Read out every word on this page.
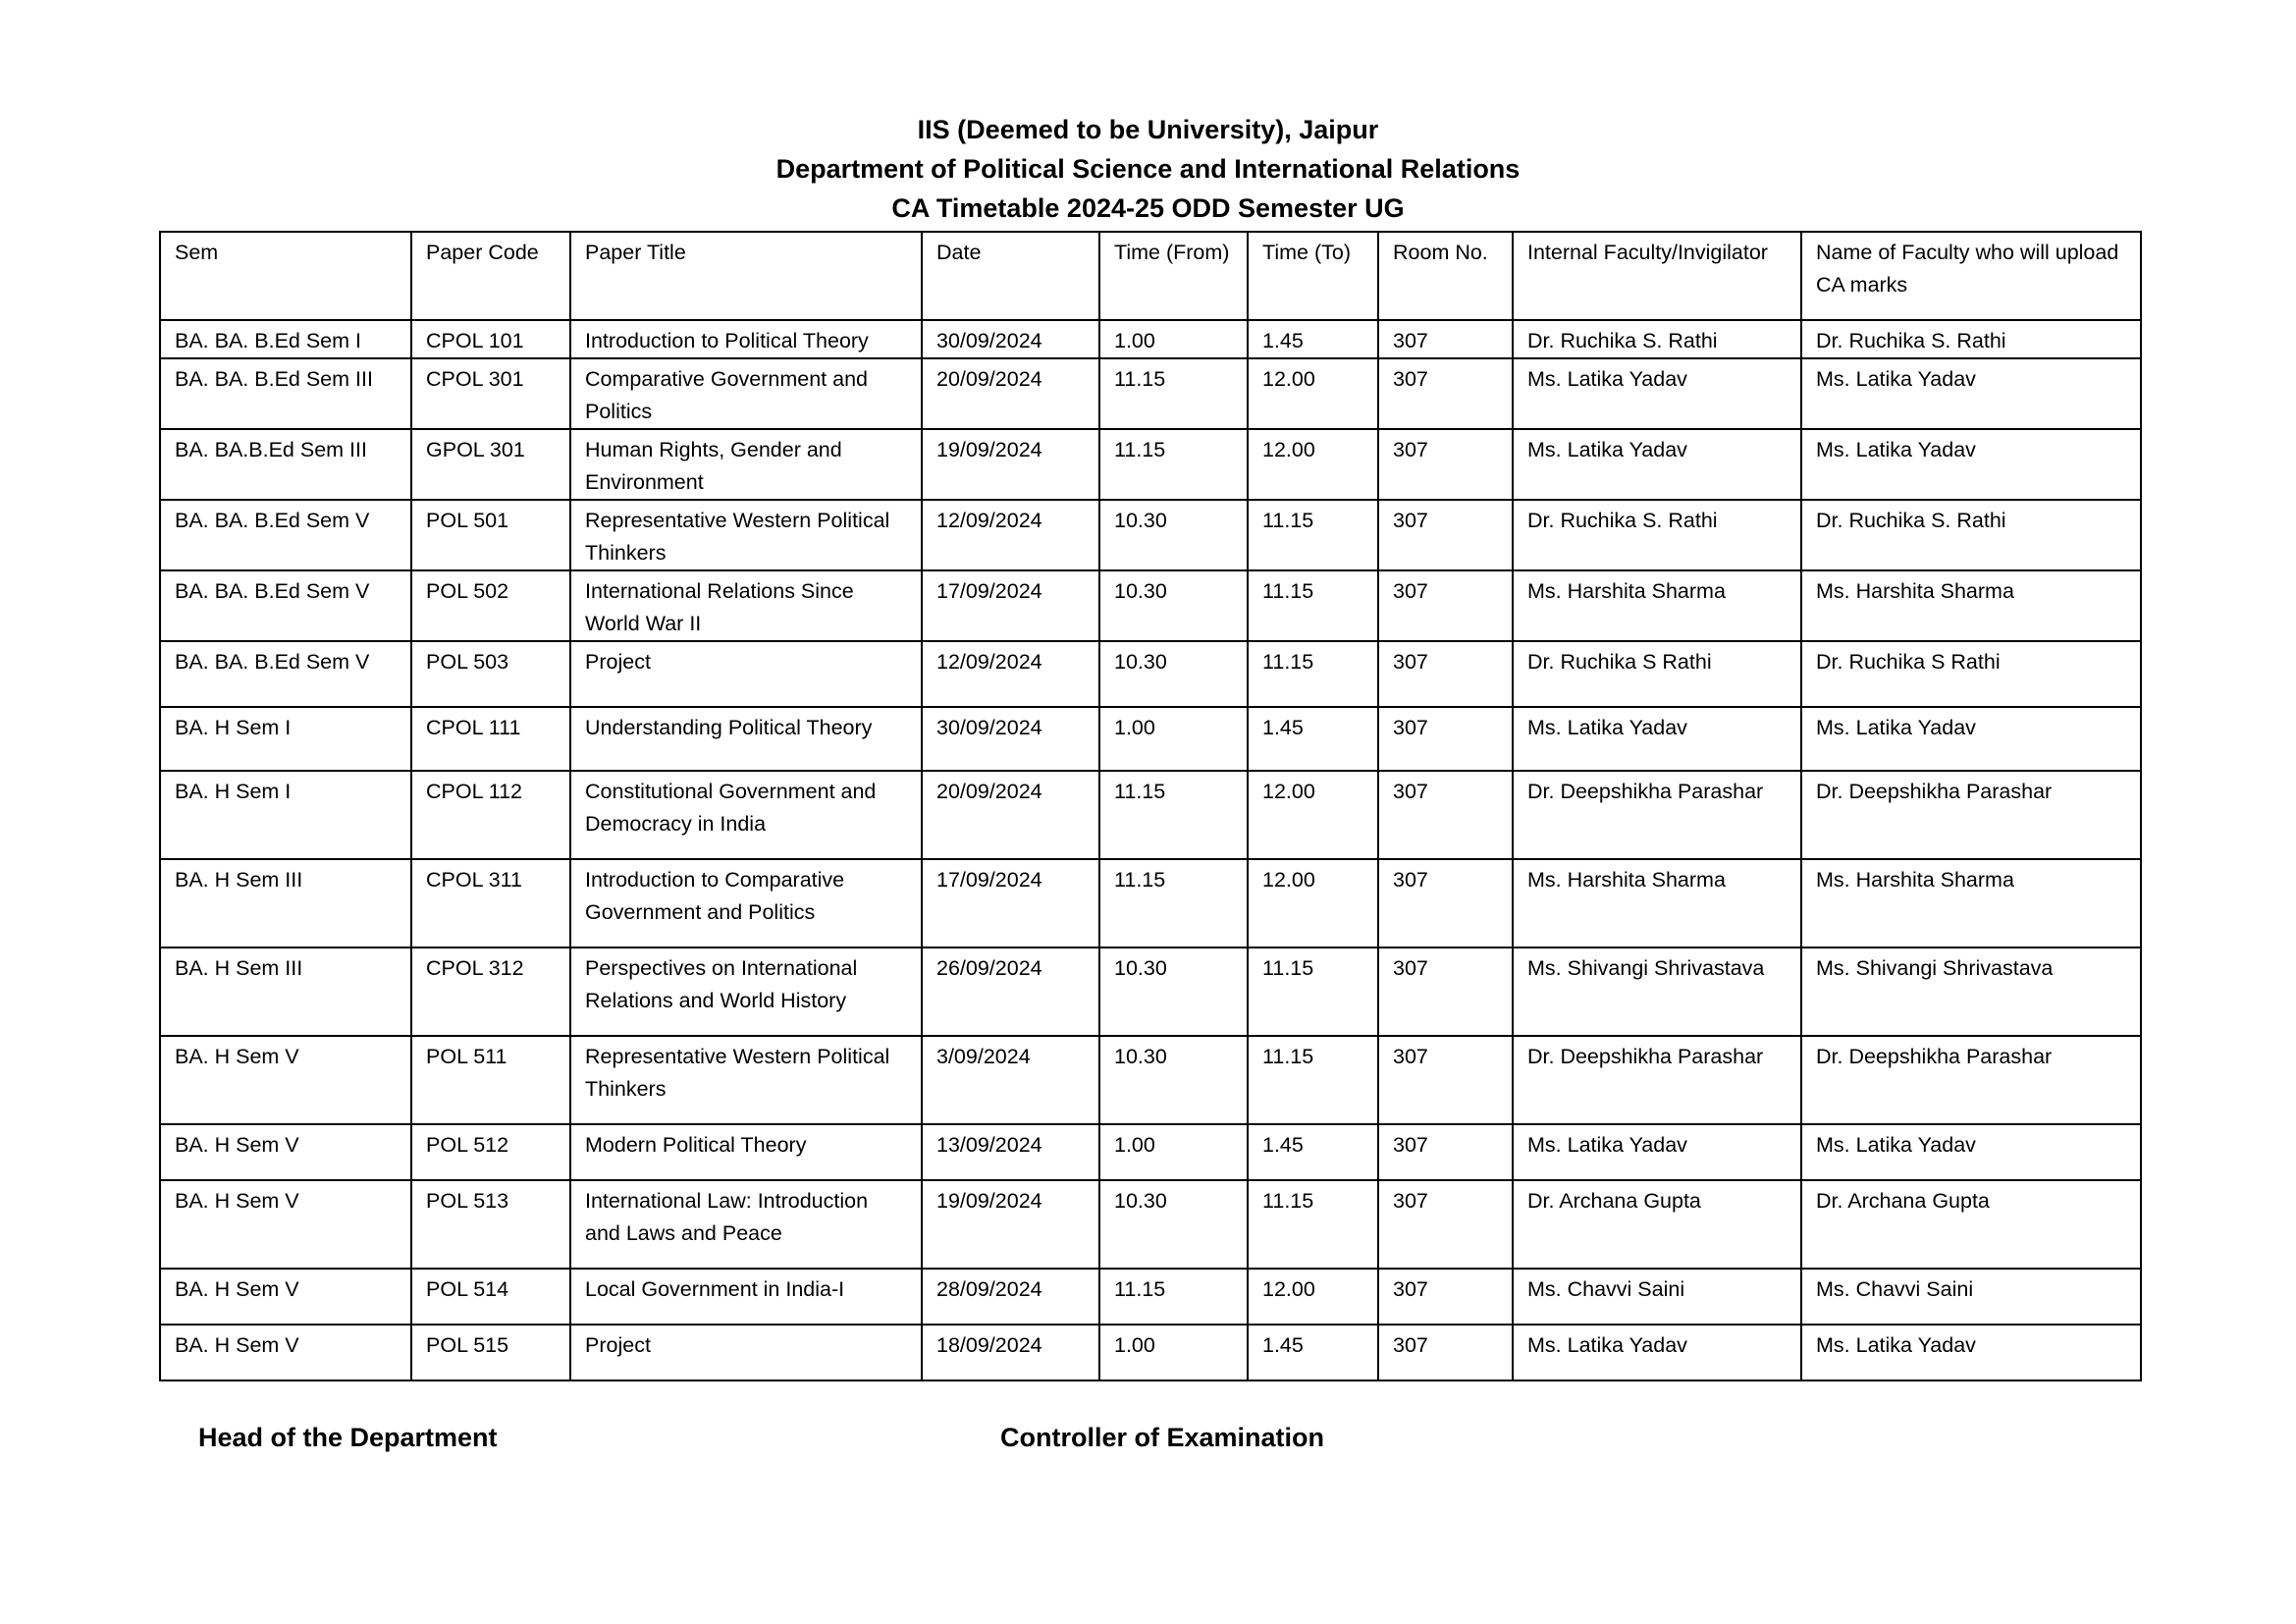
IIS (Deemed to be University), Jaipur
Department of Political Science and International Relations
CA Timetable 2024-25 ODD Semester UG
Sem	Paper Code	Paper Title	Date	Time (From)	Time (To)	Room No.	Internal Faculty/Invigilator	Name of Faculty who will upload CA marks
BA. BA. B.Ed Sem I	CPOL 101	Introduction to Political Theory	30/09/2024	1.00	1.45	307	Dr. Ruchika S. Rathi	Dr. Ruchika S. Rathi
BA. BA. B.Ed Sem III	CPOL 301	Comparative Government and Politics	20/09/2024	11.15	12.00	307	Ms. Latika Yadav	Ms. Latika Yadav
BA. BA.B.Ed Sem III	GPOL 301	Human Rights, Gender and Environment	19/09/2024	11.15	12.00	307	Ms. Latika Yadav	Ms. Latika Yadav
BA. BA. B.Ed Sem V	POL 501	Representative Western Political Thinkers	12/09/2024	10.30	11.15	307	Dr. Ruchika S. Rathi	Dr. Ruchika S. Rathi
BA. BA. B.Ed Sem V	POL 502	International Relations Since World War II	17/09/2024	10.30	11.15	307	Ms. Harshita Sharma	Ms. Harshita Sharma
BA. BA. B.Ed Sem V	POL 503	Project	12/09/2024	10.30	11.15	307	Dr. Ruchika S Rathi	Dr. Ruchika S Rathi
BA. H Sem I	CPOL 111	Understanding Political Theory	30/09/2024	1.00	1.45	307	Ms. Latika Yadav	Ms. Latika Yadav
BA. H Sem I	CPOL 112	Constitutional Government and Democracy in India	20/09/2024	11.15	12.00	307	Dr. Deepshikha Parashar	Dr. Deepshikha Parashar
BA. H Sem III	CPOL 311	Introduction to Comparative Government and Politics	17/09/2024	11.15	12.00	307	Ms. Harshita Sharma	Ms. Harshita Sharma
BA. H Sem III	CPOL 312	Perspectives on International Relations and World History	26/09/2024	10.30	11.15	307	Ms. Shivangi Shrivastava	Ms. Shivangi Shrivastava
BA. H Sem V	POL 511	Representative Western Political Thinkers	3/09/2024	10.30	11.15	307	Dr. Deepshikha Parashar	Dr. Deepshikha Parashar
BA. H Sem V	POL 512	Modern Political Theory	13/09/2024	1.00	1.45	307	Ms. Latika Yadav	Ms. Latika Yadav
BA. H Sem V	POL 513	International Law: Introduction and Laws and Peace	19/09/2024	10.30	11.15	307	Dr. Archana Gupta	Dr. Archana Gupta
BA. H Sem V	POL 514	Local Government in India-I	28/09/2024	11.15	12.00	307	Ms. Chavvi Saini	Ms. Chavvi Saini
BA. H Sem V	POL 515	Project	18/09/2024	1.00	1.45	307	Ms. Latika Yadav	Ms. Latika Yadav
Head of the Department	Controller of Examination
